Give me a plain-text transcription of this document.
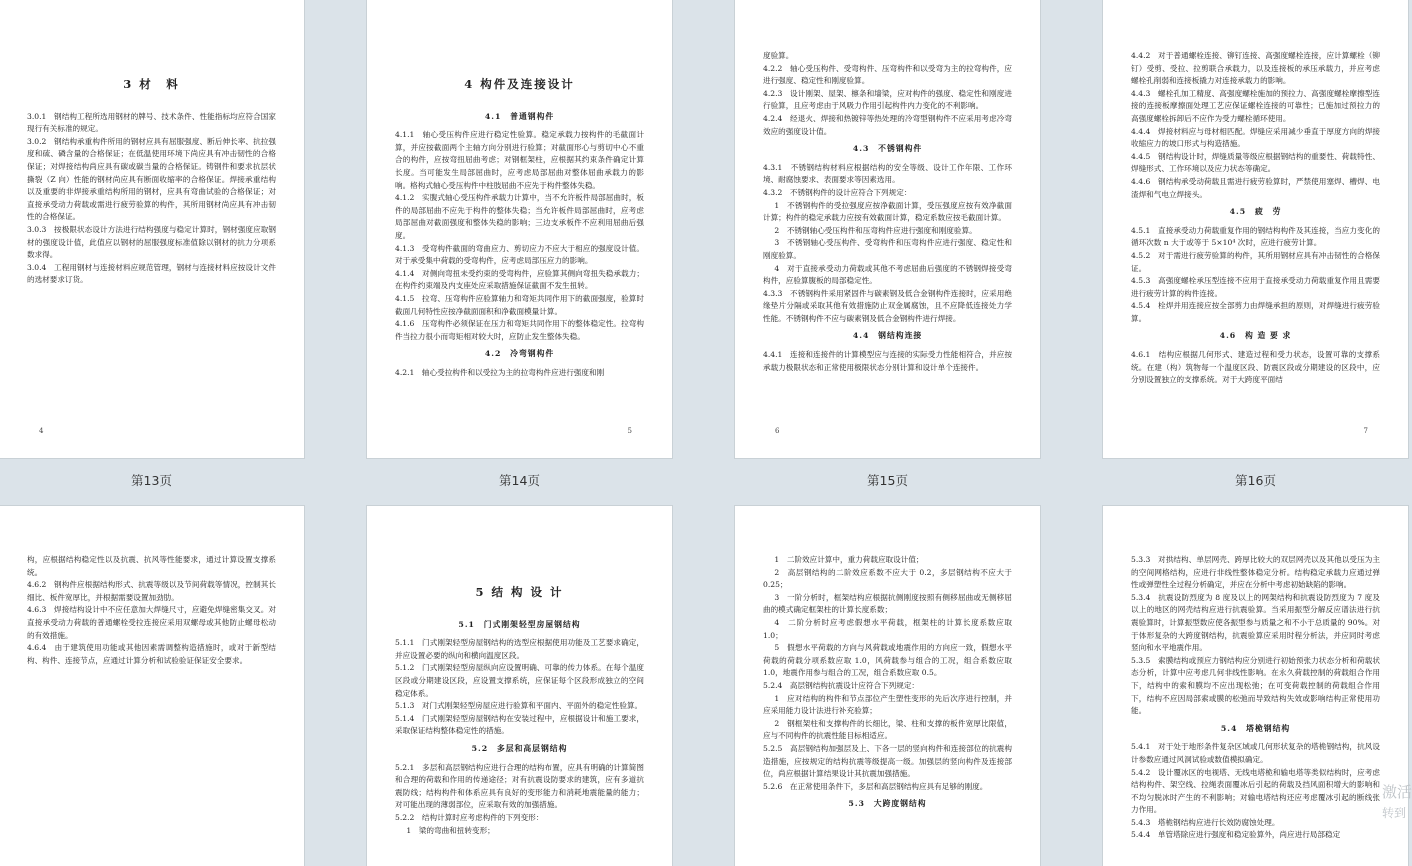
3 材　料

3.0.1　钢结构工程所选用钢材的牌号、技术条件、性能指标均应符合国家现行有关标准的规定。

3.0.2　钢结构承重构件所用的钢材应具有屈服强度、断后伸长率、抗拉强度和硫、磷含量的合格保证；在低温使用环境下尚应具有冲击韧性的合格保证；对焊接结构尚应具有碳或碳当量的合格保证。铸钢件和要求抗层状撕裂（Z 向）性能的钢材尚应具有断面收缩率的合格保证。焊接承重结构以及重要的非焊接承重结构所用的钢材，应具有弯曲试验的合格保证；对直接承受动力荷载或需进行疲劳验算的构件，其所用钢材尚应具有冲击韧性的合格保证。

3.0.3　按极限状态设计方法进行结构强度与稳定计算时，钢材强度应取钢材的强度设计值，此值应以钢材的屈服强度标准值除以钢材的抗力分项系数求得。

3.0.4　工程用钢材与连接材料应规范管理，钢材与连接材料应按设计文件的选材要求订货。

4
4 构件及连接设计
4.1　普通钢构件

4.1.1　轴心受压构件应进行稳定性验算。稳定承载力按构件的毛截面计算，并应按截面两个主轴方向分别进行验算；对截面形心与剪切中心不重合的构件，应按弯扭屈曲考虑；对钢框架柱，应根据其约束条件确定计算长度。当可能发生局部屈曲时，应考虑局部屈曲对整体屈曲承载力的影响。格构式轴心受压构件中柱肢屈曲不应先于构件整体失稳。

4.1.2　实腹式轴心受压构件承载力计算中，当不允许板件局部屈曲时，板件的局部屈曲不应先于构件的整体失稳；当允许板件局部屈曲时，应考虑局部屈曲对截面强度和整体失稳的影响；三边支承板件不应利用屈曲后强度。

4.1.3　受弯构件截面的弯曲应力、剪切应力不应大于相应的强度设计值。对于承受集中荷载的受弯构件，应考虑局部压应力的影响。

4.1.4　对侧向弯扭未受约束的受弯构件，应验算其侧向弯扭失稳承载力；在构件约束端及内支座处应采取措施保证截面不发生扭转。

4.1.5　拉弯、压弯构件应验算轴力和弯矩共同作用下的截面强度，验算时截面几何特性应按净截面面积和净截面模量计算。

4.1.6　压弯构件必须保证在压力和弯矩共同作用下的整体稳定性。拉弯构件当拉力很小而弯矩相对较大时，应防止发生整体失稳。

4.2　冷弯钢构件

4.2.1　轴心受拉构件和以受拉为主的拉弯构件应进行强度和刚

5

度验算。

4.2.2　轴心受压构件、受弯构件、压弯构件和以受弯为主的拉弯构件，应进行强度、稳定性和刚度验算。

4.2.3　设计刚架、屋架、檩条和墙梁，应对构件的强度、稳定性和刚度进行验算，且应考虑由于风吸力作用引起构件内力变化的不利影响。

4.2.4　经退火、焊接和热镀锌等热处理的冷弯型钢构件不应采用考虑冷弯效应的强度设计值。

4.3　不锈钢构件

4.3.1　不锈钢结构材料应根据结构的安全等级、设计工作年限、工作环境、耐腐蚀要求、表面要求等因素选用。

4.3.2　不锈钢构件的设计应符合下列规定：

1　不锈钢构件的受拉强度应按净截面计算，受压强度应按有效净截面计算；构件的稳定承载力应按有效截面计算，稳定系数应按毛截面计算。

2　不锈钢轴心受压构件和压弯构件应进行强度和刚度验算。

3　不锈钢轴心受压构件、受弯构件和压弯构件应进行强度、稳定性和刚度验算。

4　对于直接承受动力荷载或其他不考虑屈曲后强度的不锈钢焊接受弯构件，应验算腹板的局部稳定性。

4.3.3　不锈钢构件采用紧固件与碳素钢及低合金钢构件连接时，应采用绝缘垫片分隔或采取其他有效措施防止双金属腐蚀，且不应降低连接处力学性能。不锈钢构件不应与碳素钢及低合金钢构件进行焊接。

4.4　钢结构连接

4.4.1　连接和连接件的计算模型应与连接的实际受力性能相符合，并应按承载力极限状态和正常使用极限状态分别计算和设计单个连接件。

6

4.4.2　对于普通螺栓连接、铆钉连接、高强度螺栓连接，应计算螺栓（铆钉）受剪、受拉、拉剪联合承载力，以及连接板的承压承载力，并应考虑螺栓孔削弱和连接板撬力对连接承载力的影响。

4.4.3　螺栓孔加工精度、高强度螺栓施加的预拉力、高强度螺栓摩擦型连接的连接板摩擦面处理工艺应保证螺栓连接的可靠性；已施加过预拉力的高强度螺栓拆卸后不应作为受力螺栓循环使用。

4.4.4　焊接材料应与母材相匹配。焊缝应采用减少垂直于厚度方向的焊接收缩应力的坡口形式与构造措施。

4.4.5　钢结构设计时，焊缝质量等级应根据钢结构的重要性、荷载特性、焊缝形式、工作环境以及应力状态等确定。

4.4.6　钢结构承受动荷载且需进行疲劳验算时，严禁使用塞焊、槽焊、电渣焊和气电立焊接头。

4.5　疲　劳

4.5.1　直接承受动力荷载重复作用的钢结构构件及其连接，当应力变化的循环次数 n 大于或等于 5×10⁴ 次时，应进行疲劳计算。

4.5.2　对于需进行疲劳验算的构件，其所用钢材应具有冲击韧性的合格保证。

4.5.3　高强度螺栓承压型连接不应用于直接承受动力荷载重复作用且需要进行疲劳计算的构件连接。

4.5.4　栓焊并用连接应按全部剪力由焊缝承担的原则，对焊缝进行疲劳验算。

4.6　构 造 要 求

4.6.1　结构应根据几何形式、建造过程和受力状态，设置可靠的支撑系统。在建（构）筑物每一个温度区段、防震区段或分期建设的区段中，应分别设置独立的支撑系统。对于大跨度平面结

7
第13页	第14页	第15页	第16页

构，应根据结构稳定性以及抗震、抗风等性能要求，通过计算设置支撑系统。

4.6.2　钢构件应根据结构形式、抗震等级以及节间荷载等情况，控制其长细比、板件宽厚比，并根据需要设置加劲肋。

4.6.3　焊接结构设计中不应任意加大焊缝尺寸，应避免焊缝密集交叉。对直接承受动力荷载的普通螺栓受拉连接应采用双螺母或其他防止螺母松动的有效措施。

4.6.4　由于建筑使用功能或其他因素需调整构造措施时，或对于新型结构、构件、连接节点，应通过计算分析和试验验证保证安全要求。

5 结 构 设 计
5.1　门式刚架轻型房屋钢结构

5.1.1　门式刚架轻型房屋钢结构的选型应根据使用功能及工艺要求确定，并应设置必要的纵向和横向温度区段。

5.1.2　门式刚架轻型房屋纵向应设置明确、可靠的传力体系。在每个温度区段或分期建设区段，应设置支撑系统，应保证每个区段形成独立的空间稳定体系。

5.1.3　对门式刚架轻型房屋应进行验算和平面内、平面外的稳定性验算。

5.1.4　门式刚架轻型房屋钢结构在安装过程中，应根据设计和施工要求，采取保证结构整体稳定性的措施。

5.2　多层和高层钢结构

5.2.1　多层和高层钢结构应进行合理的结构布置，应具有明确的计算简图和合理的荷载和作用的传递途径；对有抗震设防要求的建筑，应有多道抗震防线；结构构件和体系应具有良好的变形能力和消耗地震能量的能力；对可能出现的薄弱部位，应采取有效的加强措施。

5.2.2　结构计算时应考虑构件的下列变形：

1　梁的弯曲和扭转变形；

1　二阶效应计算中，重力荷载应取设计值；

2　高层钢结构的二阶效应系数不应大于 0.2，多层钢结构不应大于 0.25；

3　一阶分析时，框架结构应根据抗侧刚度按照有侧移屈曲或无侧移屈曲的模式确定框架柱的计算长度系数；

4　二阶分析时应考虑假想水平荷载，框架柱的计算长度系数应取 1.0；

5　假想水平荷载的方向与风荷载或地震作用的方向应一致，假想水平荷载的荷载分项系数应取 1.0，风荷载参与组合的工况，组合系数应取 1.0，地震作用参与组合的工况，组合系数应取 0.5。

5.2.4　高层钢结构抗震设计应符合下列规定：

1　应对结构的构件和节点部位产生塑性变形的先后次序进行控制，并应采用能力设计法进行补充验算；

2　钢框架柱和支撑构件的长细比，梁、柱和支撑的板件宽厚比限值，应与不同构件的抗震性能目标相适应。

5.2.5　高层钢结构加强层及上、下各一层的竖向构件和连接部位的抗震构造措施，应按规定的结构抗震等级提高一级。加强层的竖向构件及连接部位，尚应根据计算结果设计其抗震加强措施。

5.2.6　在正常使用条件下，多层和高层钢结构应具有足够的刚度。

5.3　大跨度钢结构

5.3.3　对拱结构、单层网壳、跨厚比较大的双层网壳以及其他以受压为主的空间网格结构，应进行非线性整体稳定分析。结构稳定承载力应通过弹性或弹塑性全过程分析确定，并应在分析中考虑初始缺陷的影响。

5.3.4　抗震设防烈度为 8 度及以上的网架结构和抗震设防烈度为 7 度及以上的地区的网壳结构应进行抗震验算。当采用振型分解反应谱法进行抗震验算时，计算振型数应使各振型参与质量之和不小于总质量的 90%。对于体形复杂的大跨度钢结构，抗震验算应采用时程分析法，并应同时考虑竖向和水平地震作用。

5.3.5　索膜结构或预应力钢结构应分别进行初始预张力状态分析和荷载状态分析，计算中应考虑几何非线性影响。在永久荷载控制的荷载组合作用下，结构中的索和膜均不应出现松弛；在可变荷载控制的荷载组合作用下，结构不应因局部索或膜的松弛而导致结构失效或影响结构正常使用功能。

5.4　塔桅钢结构

5.4.1　对于处于地形条件复杂区域或几何形状复杂的塔桅钢结构，抗风设计参数应通过风洞试验或数值模拟确定。

5.4.2　设计覆冰区的电视塔、无线电塔桅和输电塔等类似结构时，应考虑结构构件、架空线、拉绳表面覆冰后引起的荷载及挡风面积增大的影响和不均匀脱冰时产生的不利影响；对输电塔结构还应考虑覆冰引起的断线张力作用。

5.4.3　塔桅钢结构应进行长效防腐蚀处理。

5.4.4　单管塔除应进行强度和稳定验算外，尚应进行局部稳定

激活
转到
